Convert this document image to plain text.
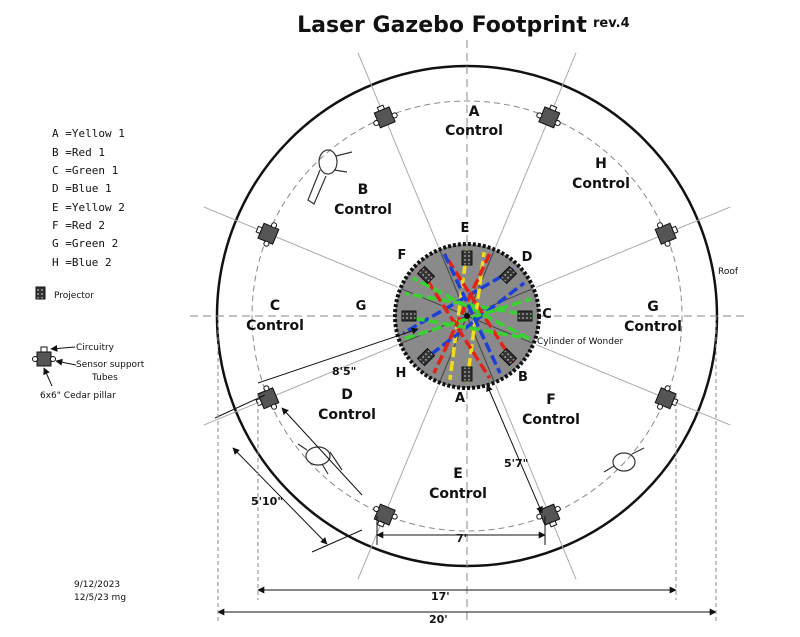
Laser Gazebo Footprint rev.4
A =Yellow 1
B =Red 1
C =Green 1
D =Blue 1
E =Yellow 2
F =Red 2
G =Green 2
H =Blue 2
Projector
Circuitry
Sensor support
Tubes
6x6" Cedar pillar
A
Control
H
Control
G
Control
F
Control
E
Control
D
Control
C
Control
B
Control
E
D
C
B
A
H
G
F
Cylinder of Wonder
Roof
8'5"
5'7"
5'10"
7'
17'
20'
9/12/2023
12/5/23 mg
